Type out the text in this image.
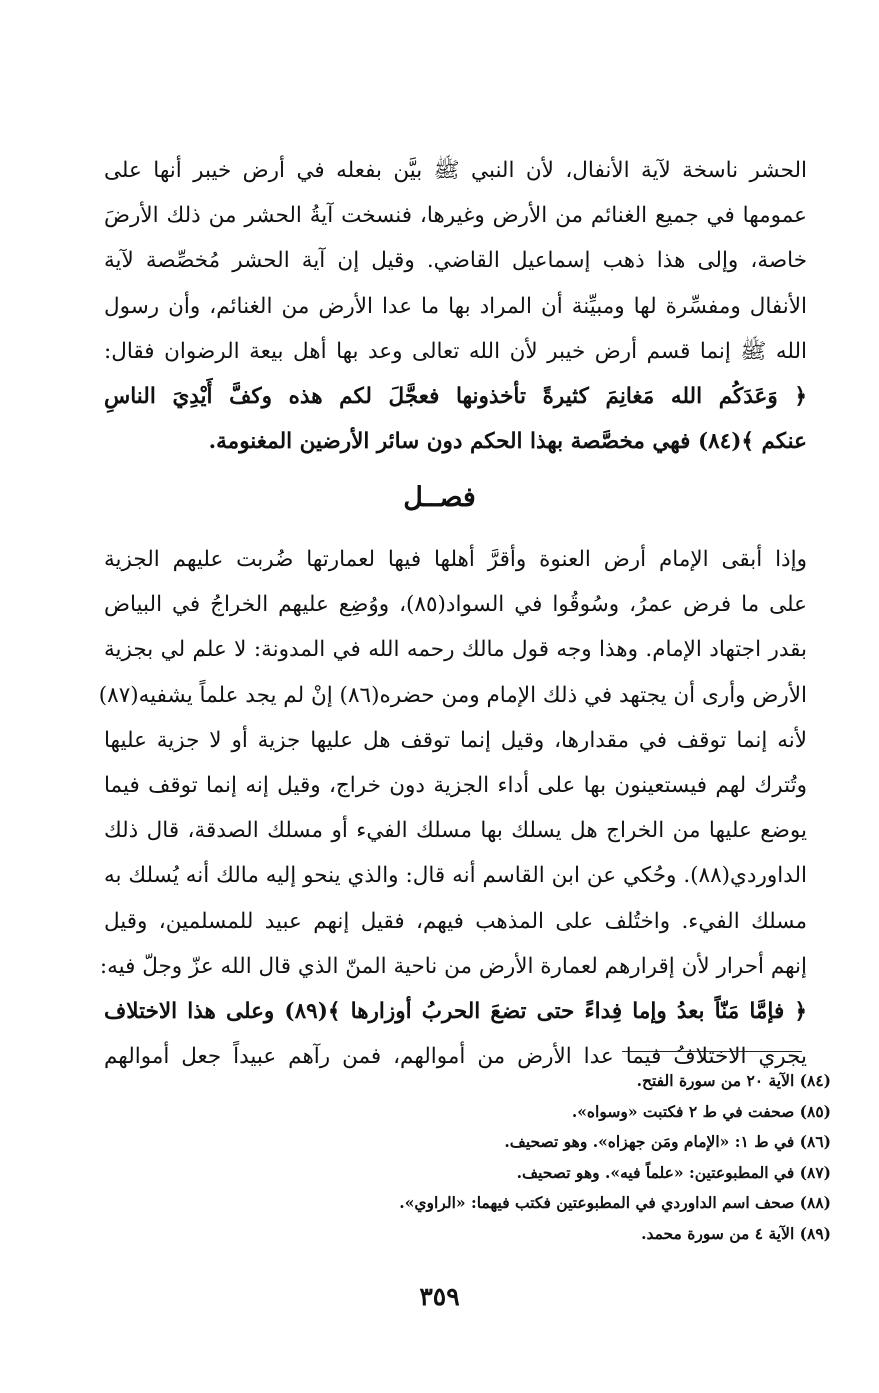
الحشر ناسخة لآية الأنفال، لأن النبي ﷺ بيَّن بفعله في أرض خيبر أنها على
عمومها في جميع الغنائم من الأرض وغيرها، فنسخت آيةُ الحشر من ذلك الأرضَ
خاصة، وإلى هذا ذهب إسماعيل القاضي. وقيل إن آية الحشر مُخصِّصة لآية
الأنفال ومفسِّرة لها ومبيِّنة أن المراد بها ما عدا الأرض من الغنائم، وأن رسول
الله ﷺ إنما قسم أرض خيبر لأن الله تعالى وعد بها أهل بيعة الرضوان فقال:
﴿ وَعَدَكُم الله مَغانِمَ كثيرةً تأخذونها فعجَّلَ لكم هذه وكفَّ أَيْدِيَ الناسِ
عنكم ﴾(٨٤) فهي مخصَّصة بهذا الحكم دون سائر الأرضين المغنومة.
فصــل
وإذا أبقى الإمام أرض العنوة وأقرَّ أهلها فيها لعمارتها ضُربت عليهم الجزية
على ما فرض عمرُ، وسُوقُوا في السواد(٨٥)، ووُضِع عليهم الخراجُ في البياض
بقدر اجتهاد الإمام. وهذا وجه قول مالك رحمه الله في المدونة: لا علم لي بجزية
الأرض وأرى أن يجتهد في ذلك الإمام ومن حضره(٨٦) إنْ لم يجد علماً يشفيه(٨٧)
لأنه إنما توقف في مقدارها، وقيل إنما توقف هل عليها جزية أو لا جزية عليها
وتُترك لهم فيستعينون بها على أداء الجزية دون خراج، وقيل إنه إنما توقف فيما
يوضع عليها من الخراج هل يسلك بها مسلك الفيء أو مسلك الصدقة، قال ذلك
الداوردي(٨٨). وحُكي عن ابن القاسم أنه قال: والذي ينحو إليه مالك أنه يُسلك به
مسلك الفيء. واختُلف على المذهب فيهم، فقيل إنهم عبيد للمسلمين، وقيل
إنهم أحرار لأن إقرارهم لعمارة الأرض من ناحية المنّ الذي قال الله عزّ وجلّ فيه:
﴿ فإمَّا مَنّاً بعدُ وإما فِداءً حتى تضعَ الحربُ أوزارها ﴾(٨٩) وعلى هذا الاختلاف
يجري الاختلافُ فيما عدا الأرض من أموالهم، فمن رآهم عبيداً جعل أموالهم
(٨٤) الآية ٢٠ من سورة الفتح.
(٨٥) صحفت في ط ٢ فكتبت «وسواه».
(٨٦) في ط ١: «الإمام ومَن جهزاه». وهو تصحيف.
(٨٧) في المطبوعتين: «علماً فيه». وهو تصحيف.
(٨٨) صحف اسم الداوردي في المطبوعتين فكتب فيهما: «الراوي».
(٨٩) الآية ٤ من سورة محمد.
٣٥٩
